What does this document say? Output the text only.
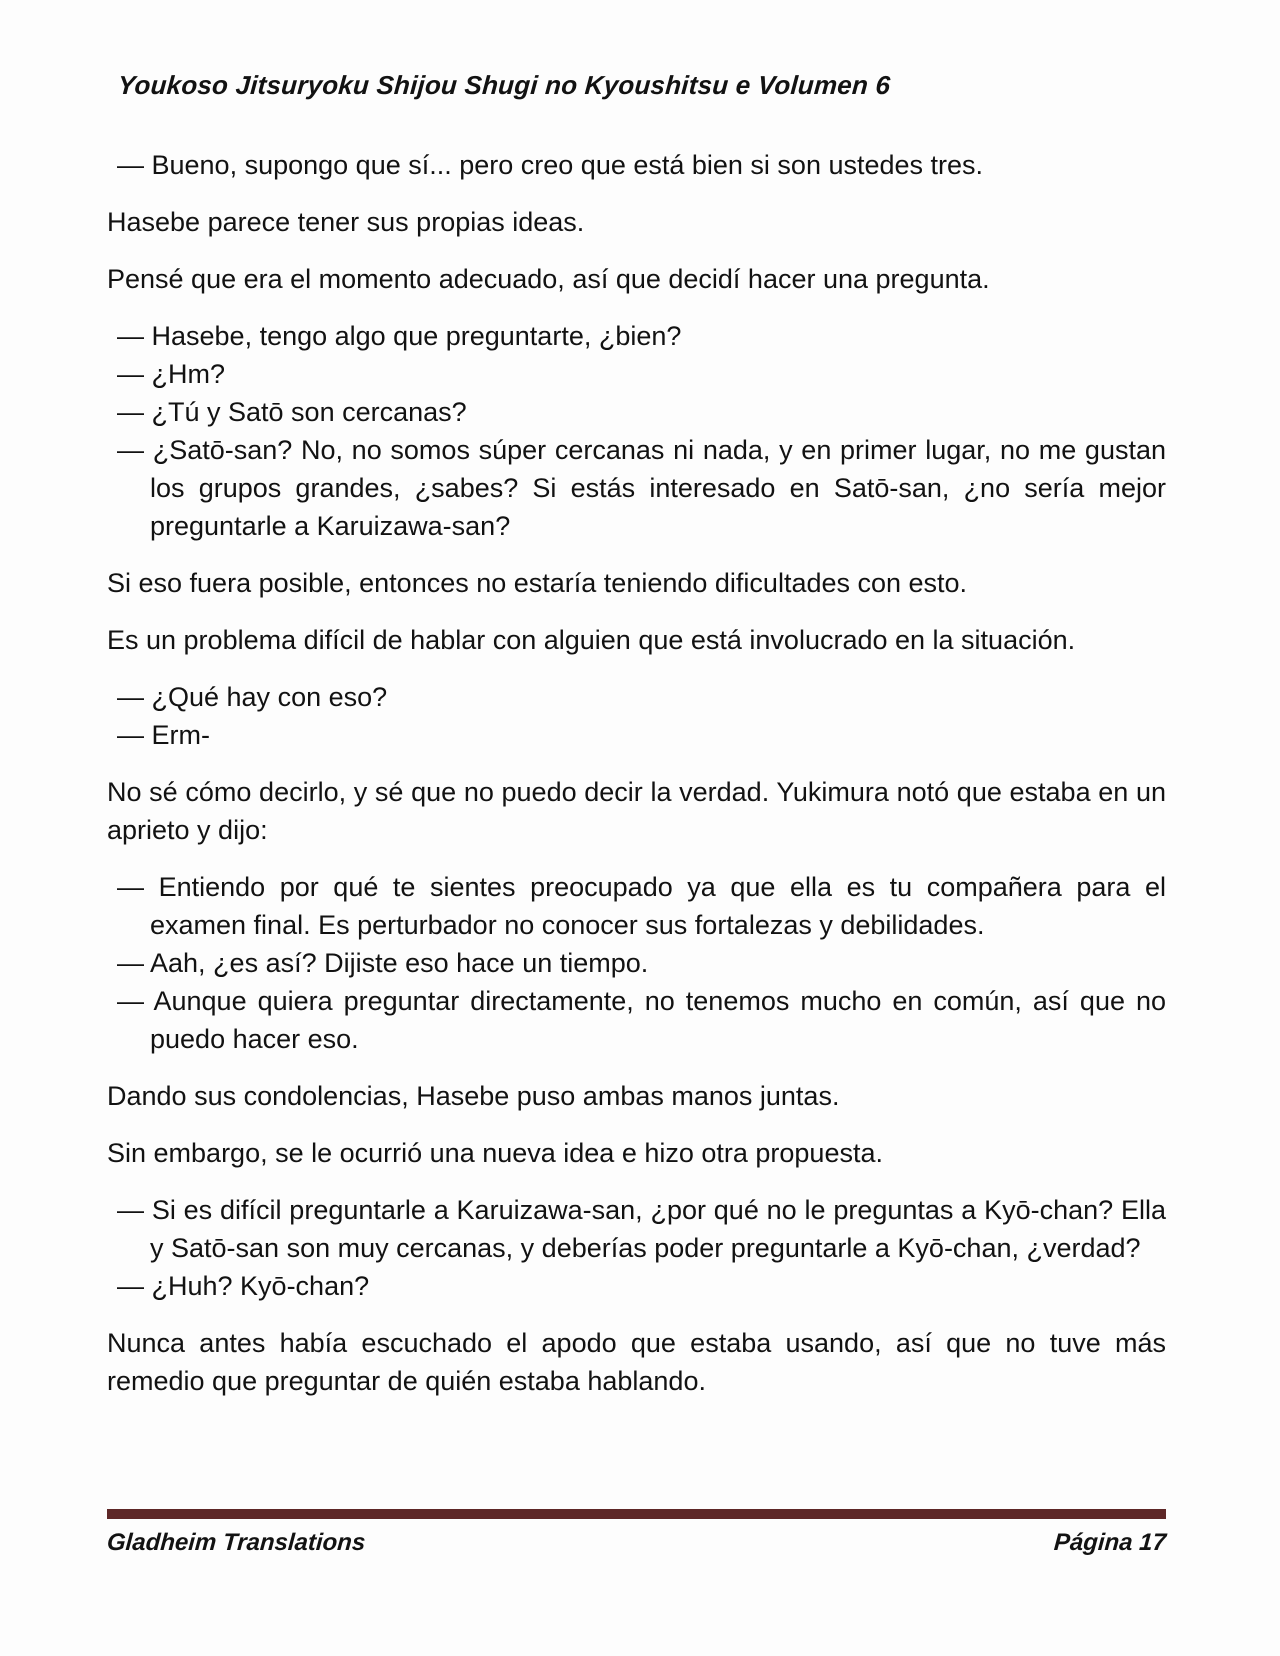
Youkoso Jitsuryoku Shijou Shugi no Kyoushitsu e Volumen 6

— Bueno, supongo que sí... pero creo que está bien si son ustedes tres.

Hasebe parece tener sus propias ideas.

Pensé que era el momento adecuado, así que decidí hacer una pregunta.

— Hasebe, tengo algo que preguntarte, ¿bien?

— ¿Hm?

— ¿Tú y Satō son cercanas?

— ¿Satō-san? No, no somos súper cercanas ni nada, y en primer lugar, no me gustan los grupos grandes, ¿sabes? Si estás interesado en Satō-san, ¿no sería mejor preguntarle a Karuizawa-san?

Si eso fuera posible, entonces no estaría teniendo dificultades con esto.

Es un problema difícil de hablar con alguien que está involucrado en la situación.

— ¿Qué hay con eso?

— Erm-

No sé cómo decirlo, y sé que no puedo decir la verdad. Yukimura notó que estaba en un aprieto y dijo:

— Entiendo por qué te sientes preocupado ya que ella es tu compañera para el examen final. Es perturbador no conocer sus fortalezas y debilidades.

— Aah, ¿es así? Dijiste eso hace un tiempo.

— Aunque quiera preguntar directamente, no tenemos mucho en común, así que no puedo hacer eso.

Dando sus condolencias, Hasebe puso ambas manos juntas.

Sin embargo, se le ocurrió una nueva idea e hizo otra propuesta.

— Si es difícil preguntarle a Karuizawa-san, ¿por qué no le preguntas a Kyō-chan? Ella y Satō-san son muy cercanas, y deberías poder preguntarle a Kyō-chan, ¿verdad?

— ¿Huh? Kyō-chan?

Nunca antes había escuchado el apodo que estaba usando, así que no tuve más remedio que preguntar de quién estaba hablando.

Gladheim Translations	Página 17
